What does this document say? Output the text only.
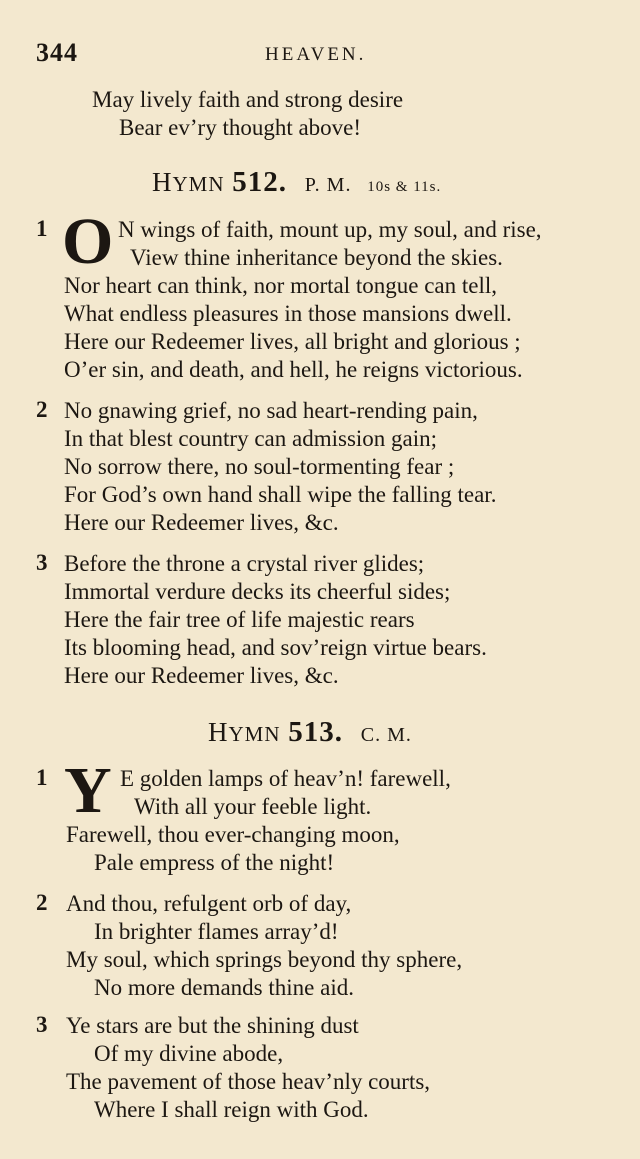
344	HEAVEN.
May lively faith and strong desire
Bear ev’ry thought above!
HYMN 512. P. M. 10s & 11s.
1 O N wings of faith, mount up, my soul, and rise,
View thine inheritance beyond the skies.
Nor heart can think, nor mortal tongue can tell,
What endless pleasures in those mansions dwell.
Here our Redeemer lives, all bright and glorious ;
O’er sin, and death, and hell, he reigns victorious.
2 No gnawing grief, no sad heart-rending pain,
In that blest country can admission gain;
No sorrow there, no soul-tormenting fear ;
For God’s own hand shall wipe the falling tear.
Here our Redeemer lives, &c.
3 Before the throne a crystal river glides;
Immortal verdure decks its cheerful sides;
Here the fair tree of life majestic rears
Its blooming head, and sov’reign virtue bears.
Here our Redeemer lives, &c.
HYMN 513. C. M.
1 Y E golden lamps of heav’n! farewell,
With all your feeble light.
Farewell, thou ever-changing moon,
Pale empress of the night!
2 And thou, refulgent orb of day,
In brighter flames array’d!
My soul, which springs beyond thy sphere,
No more demands thine aid.
3 Ye stars are but the shining dust
Of my divine abode,
The pavement of those heav’nly courts,
Where I shall reign with God.
